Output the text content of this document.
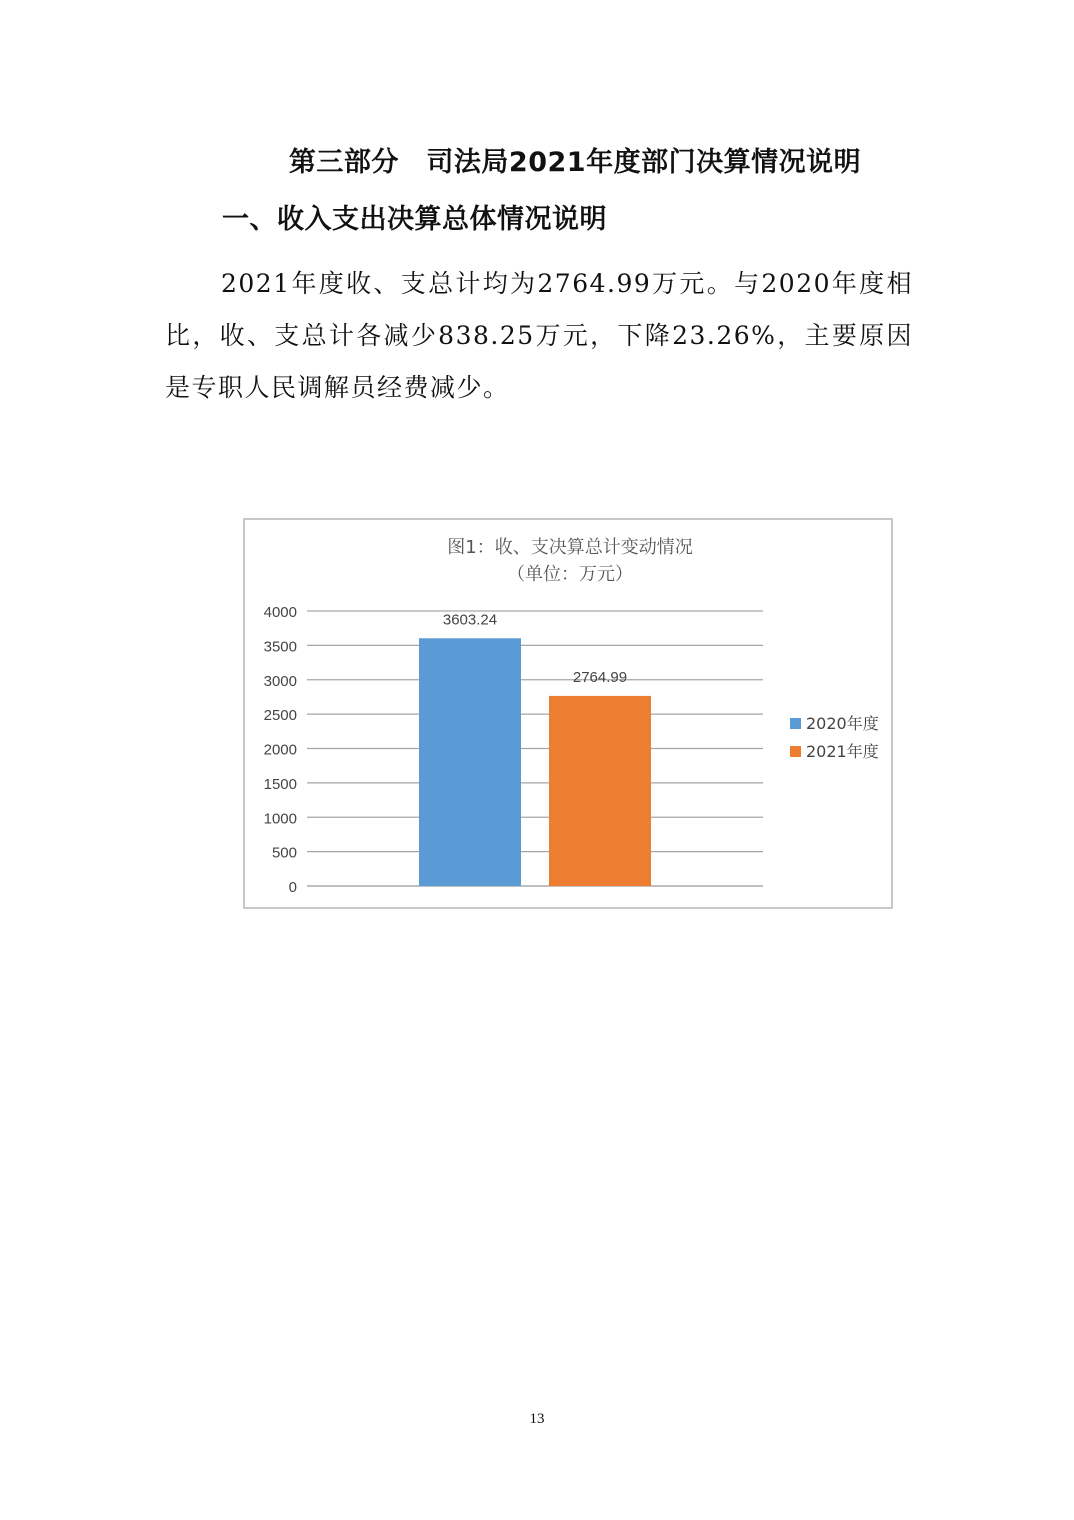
第三部分　司法局2021年度部门决算情况说明
一、收入支出决算总体情况说明
2021年度收、支总计均为2764.99万元。与2020年度相比，收、支总计各减少838.25万元，下降23.26%，主要原因是专职人民调解员经费减少。
图1：收、支决算总计变动情况
（单位：万元）
0
500
1000
1500
2000
2500
3000
3500
4000	3603.24
2764.99
2020年度
2021年度
13
